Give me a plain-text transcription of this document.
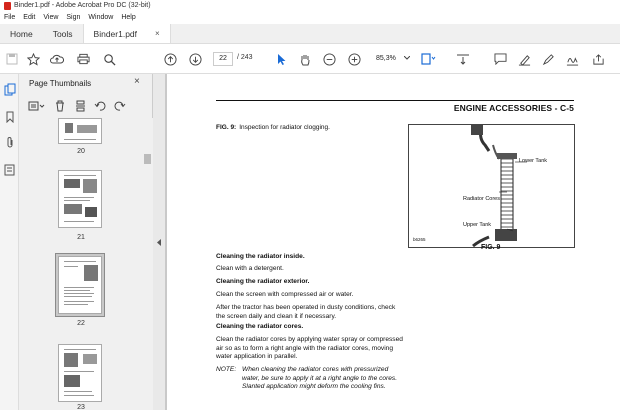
Binder1.pdf - Adobe Acrobat Pro DC (32-bit)
File Edit View Sign Window Help
Home Tools Binder1.pdf ×
22	/ 243	85,3%
Page Thumbnails	×
20
21
22
23
ENGINE ACCESSORIES - C-5
FIG. 9: Inspection for radiator clogging.
Lower Tank
Radiator Cores
Upper Tank
b6265
FIG. 9
Cleaning the radiator inside.
Clean with a detergent.
Cleaning the radiator exterior.
Clean the screen with compressed air or water.
After the tractor has been operated in dusty conditions, check the screen daily and clean it if necessary.
Cleaning the radiator cores.
Clean the radiator cores by applying water spray or compressed air so as to form a right angle with the radiator cores, moving water application in parallel.
NOTE: When cleaning the radiator cores with pressurized water, be sure to apply it at a right angle to the cores. Slanted application might deform the cooling fins.
